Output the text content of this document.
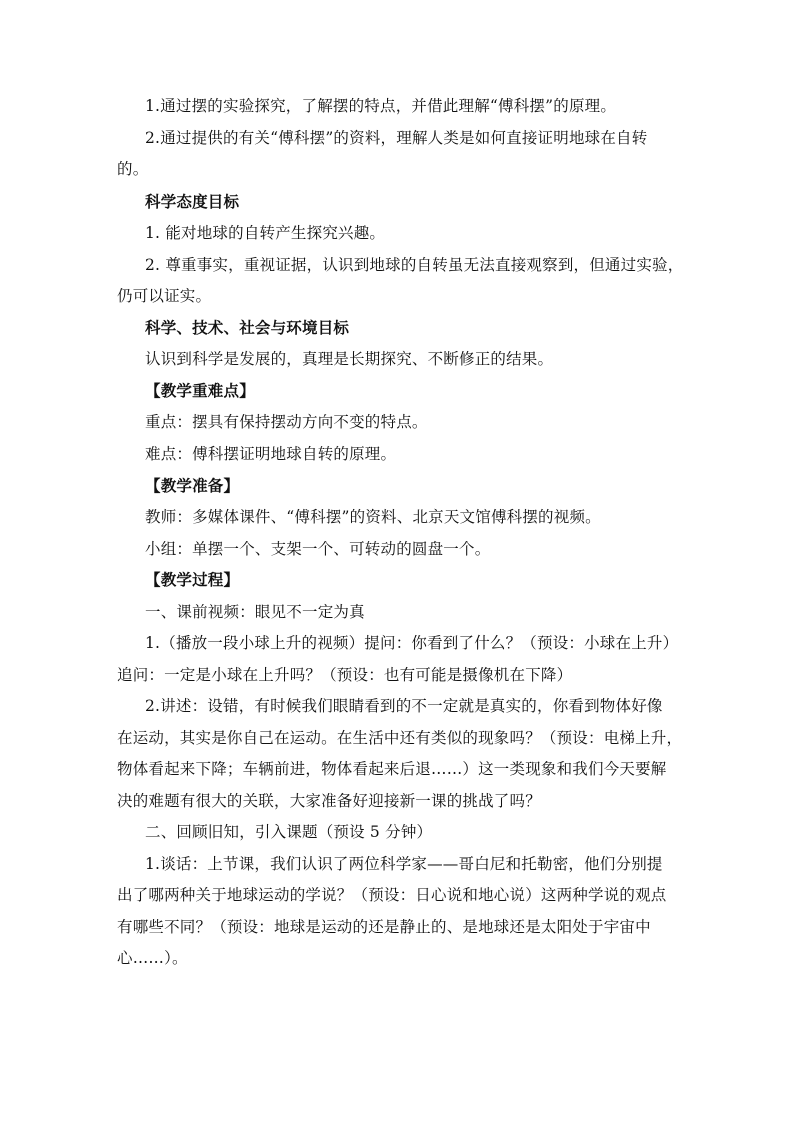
1.通过摆的实验探究，了解摆的特点，并借此理解“傅科摆”的原理。
2.通过提供的有关“傅科摆”的资料，理解人类是如何直接证明地球在自转
的。
科学态度目标
1. 能对地球的自转产生探究兴趣。
2. 尊重事实，重视证据，认识到地球的自转虽无法直接观察到，但通过实验，
仍可以证实。
科学、技术、社会与环境目标
认识到科学是发展的，真理是长期探究、不断修正的结果。
【教学重难点】
重点：摆具有保持摆动方向不变的特点。
难点：傅科摆证明地球自转的原理。
【教学准备】
教师：多媒体课件、“傅科摆”的资料、北京天文馆傅科摆的视频。
小组：单摆一个、支架一个、可转动的圆盘一个。
【教学过程】
一、课前视频：眼见不一定为真
1.（播放一段小球上升的视频）提问：你看到了什么？（预设：小球在上升）
追问：一定是小球在上升吗？（预设：也有可能是摄像机在下降）
2.讲述：设错，有时候我们眼睛看到的不一定就是真实的，你看到物体好像
在运动，其实是你自己在运动。在生活中还有类似的现象吗？（预设：电梯上升，
物体看起来下降；车辆前进，物体看起来后退……）这一类现象和我们今天要解
决的难题有很大的关联，大家准备好迎接新一课的挑战了吗？
二、回顾旧知，引入课题（预设 5 分钟）
1.谈话：上节课，我们认识了两位科学家——哥白尼和托勒密，他们分别提
出了哪两种关于地球运动的学说？（预设：日心说和地心说）这两种学说的观点
有哪些不同？（预设：地球是运动的还是静止的、是地球还是太阳处于宇宙中
心……）。
